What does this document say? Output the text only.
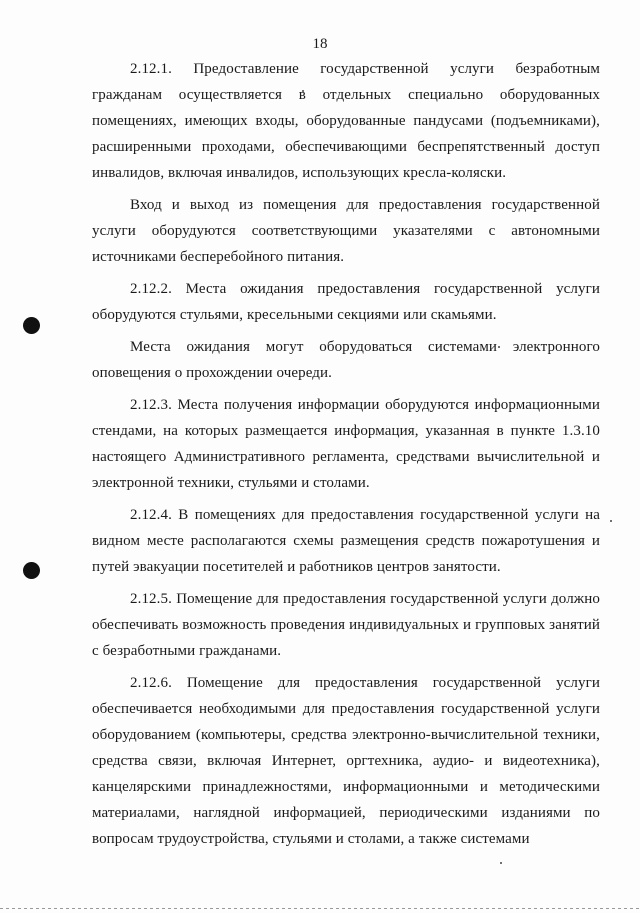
18

2.12.1. Предоставление государственной услуги безработным гражданам осуществляется в отдельных специально оборудованных помещениях, имеющих входы, оборудованные пандусами (подъемниками), расширенными проходами, обеспечивающими беспрепятственный доступ инвалидов, включая инвалидов, использующих кресла-коляски.

Вход и выход из помещения для предоставления государственной услуги оборудуются соответствующими указателями с автономными источниками бесперебойного питания.

2.12.2. Места ожидания предоставления государственной услуги оборудуются стульями, кресельными секциями или скамьями.

Места ожидания могут оборудоваться системами электронного оповещения о прохождении очереди.

2.12.3. Места получения информации оборудуются информационными стендами, на которых размещается информация, указанная в пункте 1.3.10 настоящего Административного регламента, средствами вычислительной и электронной техники, стульями и столами.

2.12.4. В помещениях для предоставления государственной услуги на видном месте располагаются схемы размещения средств пожаротушения и путей эвакуации посетителей и работников центров занятости.

2.12.5. Помещение для предоставления государственной услуги должно обеспечивать возможность проведения индивидуальных и групповых занятий с безработными гражданами.

2.12.6. Помещение для предоставления государственной услуги обеспечивается необходимыми для предоставления государственной услуги оборудованием (компьютеры, средства электронно-вычислительной техники, средства связи, включая Интернет, оргтехника, аудио- и видеотехника), канцелярскими принадлежностями, информационными и методическими материалами, наглядной информацией, периодическими изданиями по вопросам трудоустройства, стульями и столами, а также системами
